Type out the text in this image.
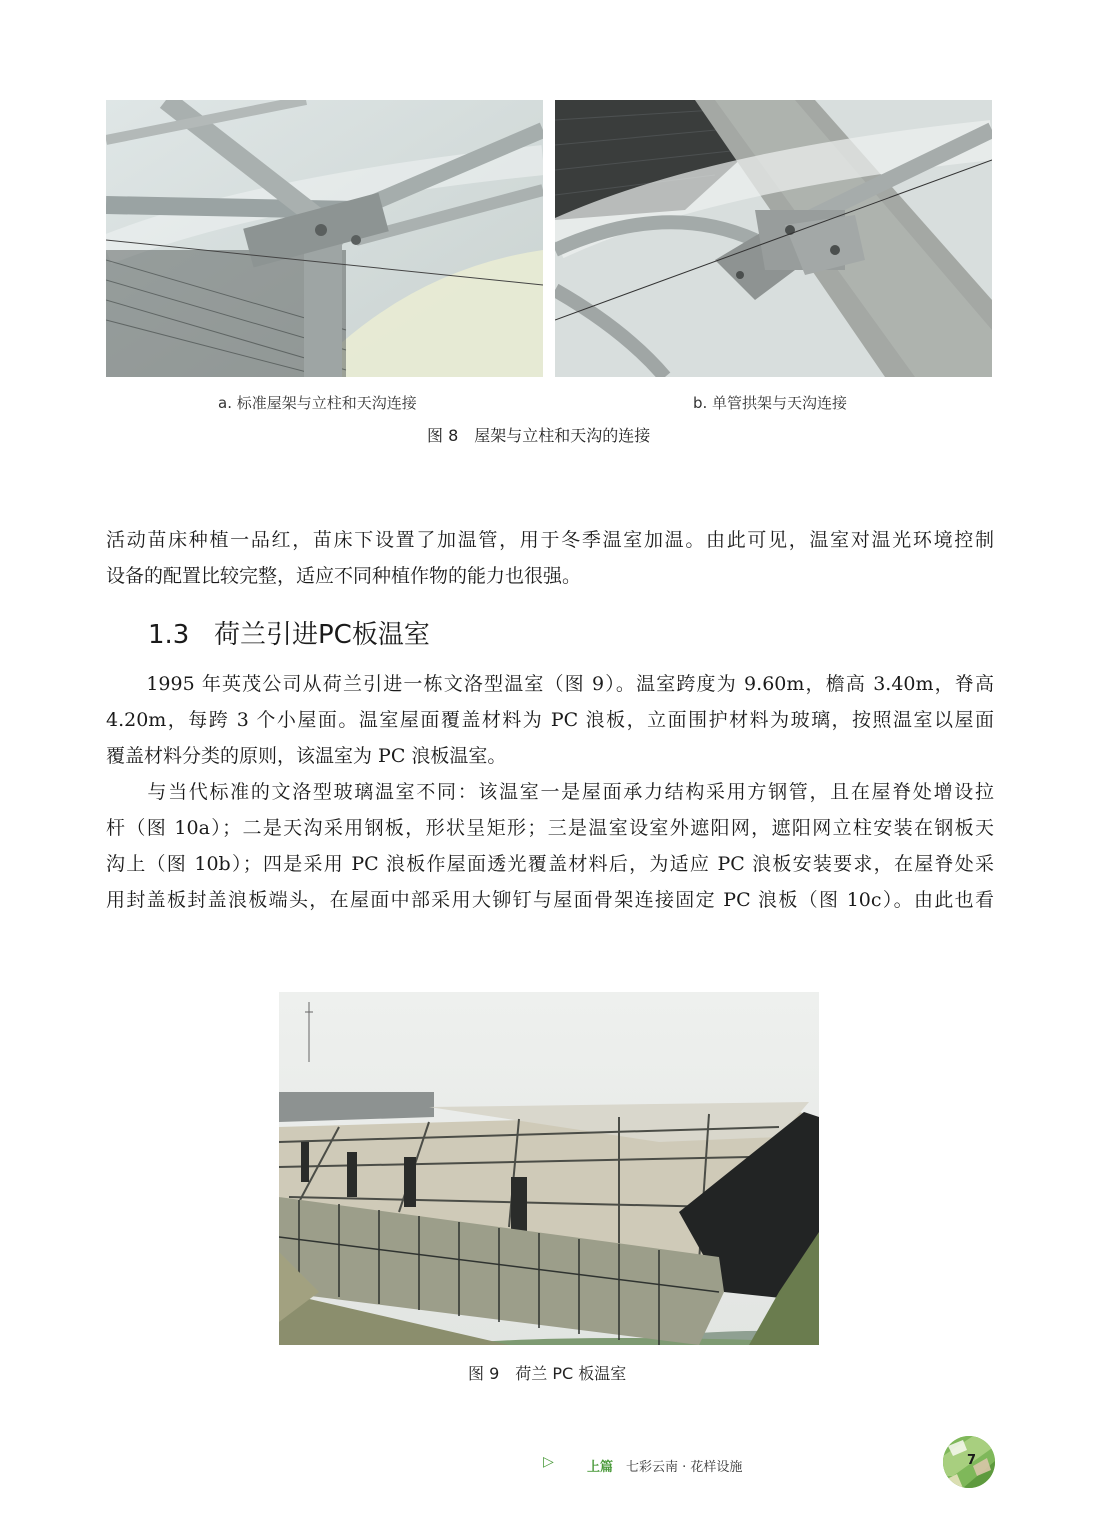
a. 标准屋架与立柱和天沟连接	b. 单管拱架与天沟连接
图 8　屋架与立柱和天沟的连接
活动苗床种植一品红，苗床下设置了加温管，用于冬季温室加温。由此可见，温室对温光环境控制
设备的配置比较完整，适应不同种植作物的能力也很强。
1.3 荷兰引进PC板温室
　　1995 年英茂公司从荷兰引进一栋文洛型温室（图 9）。温室跨度为 9.60m，檐高 3.40m，脊高
4.20m，每跨 3 个小屋面。温室屋面覆盖材料为 PC 浪板，立面围护材料为玻璃，按照温室以屋面
覆盖材料分类的原则，该温室为 PC 浪板温室。
　　与当代标准的文洛型玻璃温室不同：该温室一是屋面承力结构采用方钢管，且在屋脊处增设拉
杆（图 10a）；二是天沟采用钢板，形状呈矩形；三是温室设室外遮阳网，遮阳网立柱安装在钢板天
沟上（图 10b）；四是采用 PC 浪板作屋面透光覆盖材料后，为适应 PC 浪板安装要求，在屋脊处采
用封盖板封盖浪板端头，在屋面中部采用大铆钉与屋面骨架连接固定 PC 浪板（图 10c）。由此也看
图 9　荷兰 PC 板温室
▷	上篇 七彩云南 · 花样设施	7
